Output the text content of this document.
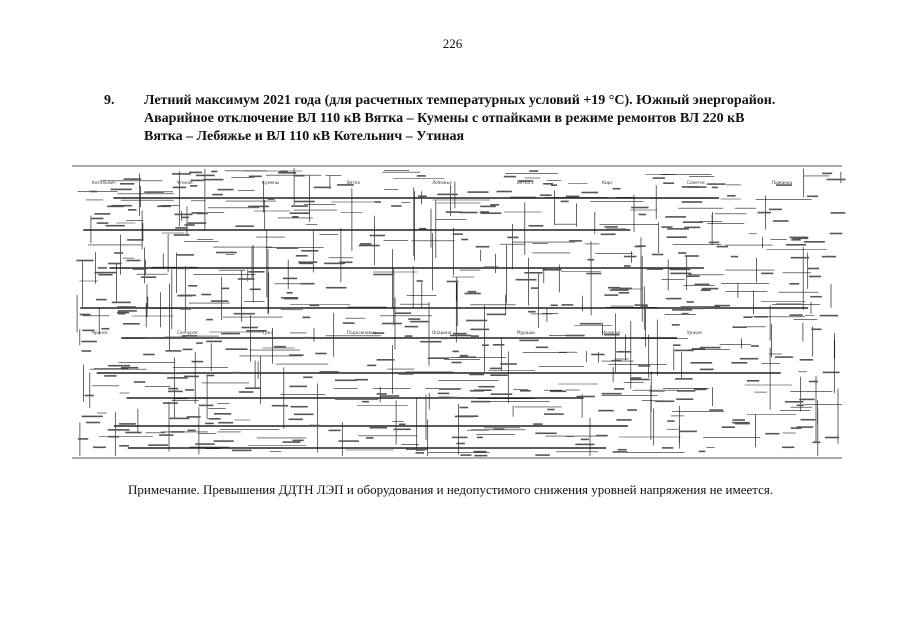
226
9. Летний максимум 2021 года (для расчетных температурных условий +19 °С). Южный энергорайон.
Аварийное отключение ВЛ 110 кВ Вятка – Кумены с отпайками в режиме ремонтов ВЛ 220 кВ
Вятка – Лебяжье и ВЛ 110 кВ Котельнич – Утиная
Котельнич	Утиная	Кумены	Вятка	Лебяжье	Вятка 2	Кирс	Советск	Пижанка
Яранск	Санчурск	Тужа	Подосиновец	Опарино	Мураши	Нолинск	Уржум
Примечание. Превышения ДДТН ЛЭП и оборудования и недопустимого снижения уровней напряжения не имеется.
